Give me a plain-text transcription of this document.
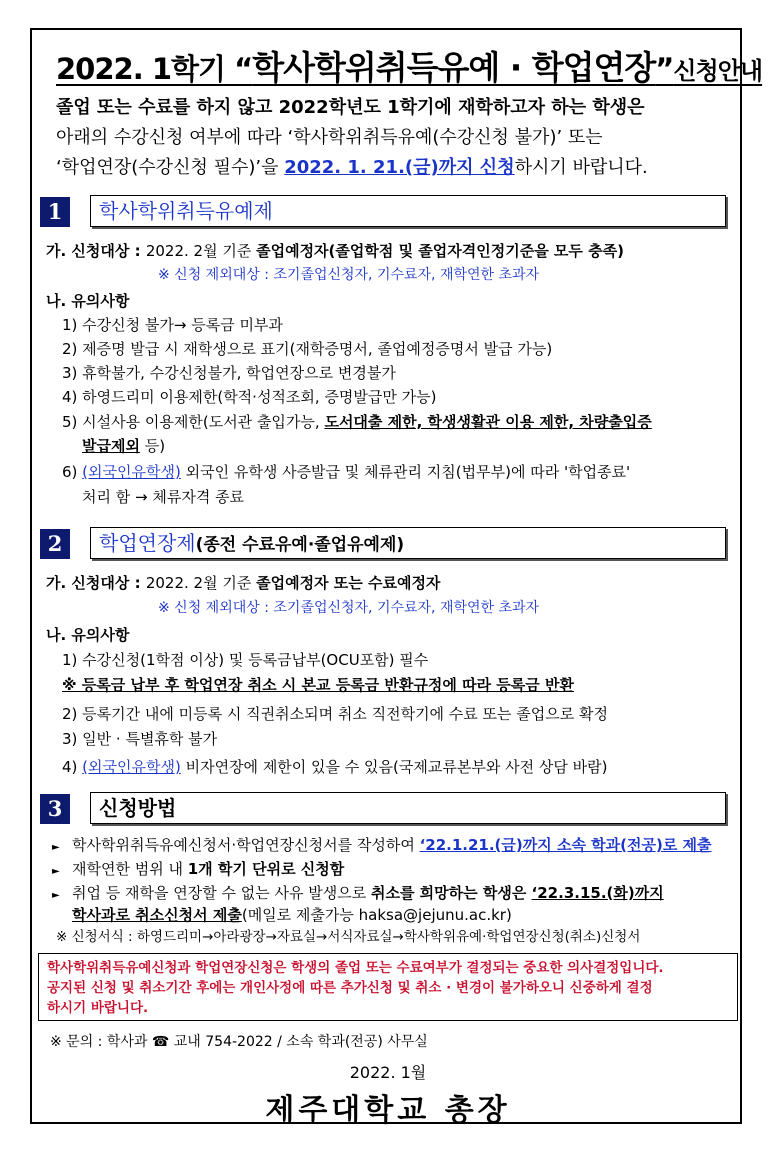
2022. 1학기 “학사학위취득유예 · 학업연장”신청안내
졸업 또는 수료를 하지 않고 2022학년도 1학기에 재학하고자 하는 학생은
아래의 수강신청 여부에 따라 ‘학사학위취득유예(수강신청 불가)’ 또는
‘학업연장(수강신청 필수)’을 2022. 1. 21.(금)까지 신청하시기 바랍니다.
1	학사학위취득유예제
가. 신청대상 : 2022. 2월 기준 졸업예정자(졸업학점 및 졸업자격인정기준을 모두 충족)
※ 신청 제외대상 : 조기졸업신청자, 기수료자, 재학연한 초과자
나. 유의사항
1) 수강신청 불가→ 등록금 미부과
2) 제증명 발급 시 재학생으로 표기(재학증명서, 졸업예정증명서 발급 가능)
3) 휴학불가, 수강신청불가, 학업연장으로 변경불가
4) 하영드리미 이용제한(학적·성적조회, 증명발급만 가능)
5) 시설사용 이용제한(도서관 출입가능, 도서대출 제한, 학생생활관 이용 제한, 차량출입증
발급제외 등)
6) (외국인유학생) 외국인 유학생 사증발급 및 체류관리 지침(법무부)에 따라 '학업종료'
처리 함 → 체류자격 종료
2	학업연장제(종전 수료유예·졸업유예제)
가. 신청대상 : 2022. 2월 기준 졸업예정자 또는 수료예정자
※ 신청 제외대상 : 조기졸업신청자, 기수료자, 재학연한 초과자
나. 유의사항
1) 수강신청(1학점 이상) 및 등록금납부(OCU포함) 필수
※ 등록금 납부 후 학업연장 취소 시 본교 등록금 반환규정에 따라 등록금 반환
2) 등록기간 내에 미등록 시 직권취소되며 취소 직전학기에 수료 또는 졸업으로 확정
3) 일반 · 특별휴학 불가
4) (외국인유학생) 비자연장에 제한이 있을 수 있음(국제교류본부와 사전 상담 바람)
3	신청방법
► 학사학위취득유예신청서·학업연장신청서를 작성하여 ‘22.1.21.(금)까지 소속 학과(전공)로 제출
► 재학연한 범위 내 1개 학기 단위로 신청함
► 취업 등 재학을 연장할 수 없는 사유 발생으로 취소를 희망하는 학생은 ‘22.3.15.(화)까지
학사과로 취소신청서 제출(메일로 제출가능 haksa@jejunu.ac.kr)
※ 신청서식 : 하영드리미→아라광장→자료실→서식자료실→학사학위유예·학업연장신청(취소)신청서
학사학위취득유예신청과 학업연장신청은 학생의 졸업 또는 수료여부가 결정되는 중요한 의사결정입니다.
공지된 신청 및 취소기간 후에는 개인사정에 따른 추가신청 및 취소 · 변경이 불가하오니 신중하게 결정
하시기 바랍니다.
※ 문의 : 학사과 ☎ 교내 754-2022 / 소속 학과(전공) 사무실
2022. 1월
제주대학교 총장
